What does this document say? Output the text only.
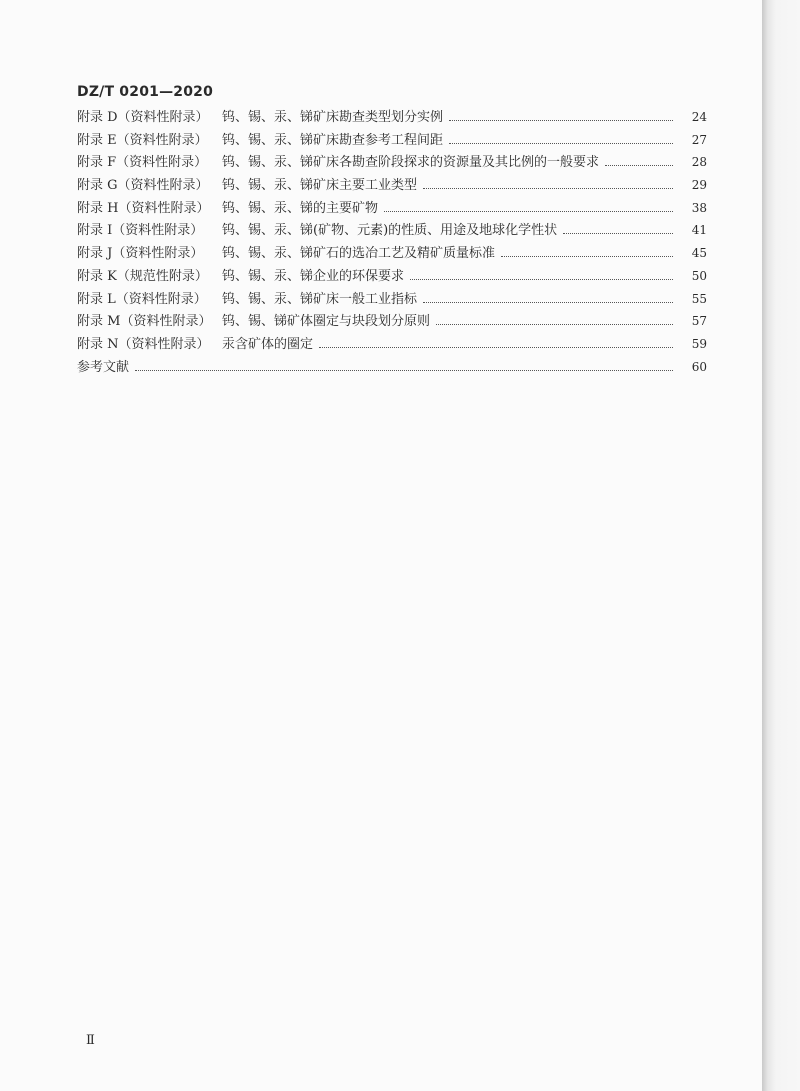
DZ/T 0201—2020
附录 D（资料性附录）	钨、锡、汞、锑矿床勘查类型划分实例	24
附录 E（资料性附录）	钨、锡、汞、锑矿床勘查参考工程间距	27
附录 F（资料性附录）	钨、锡、汞、锑矿床各勘查阶段探求的资源量及其比例的一般要求	28
附录 G（资料性附录）	钨、锡、汞、锑矿床主要工业类型	29
附录 H（资料性附录） 钨、锡、汞、锑的主要矿物	38
附录 I（资料性附录）	钨、锡、汞、锑(矿物、元素)的性质、用途及地球化学性状	41
附录 J（资料性附录）	钨、锡、汞、锑矿石的选冶工艺及精矿质量标准	45
附录 K（规范性附录）	钨、锡、汞、锑企业的环保要求	50
附录 L（资料性附录）	钨、锡、汞、锑矿床一般工业指标	55
附录 M（资料性附录） 钨、锡、锑矿体圈定与块段划分原则	57
附录 N（资料性附录） 汞含矿体的圈定	59
参考文献	60
Ⅱ
